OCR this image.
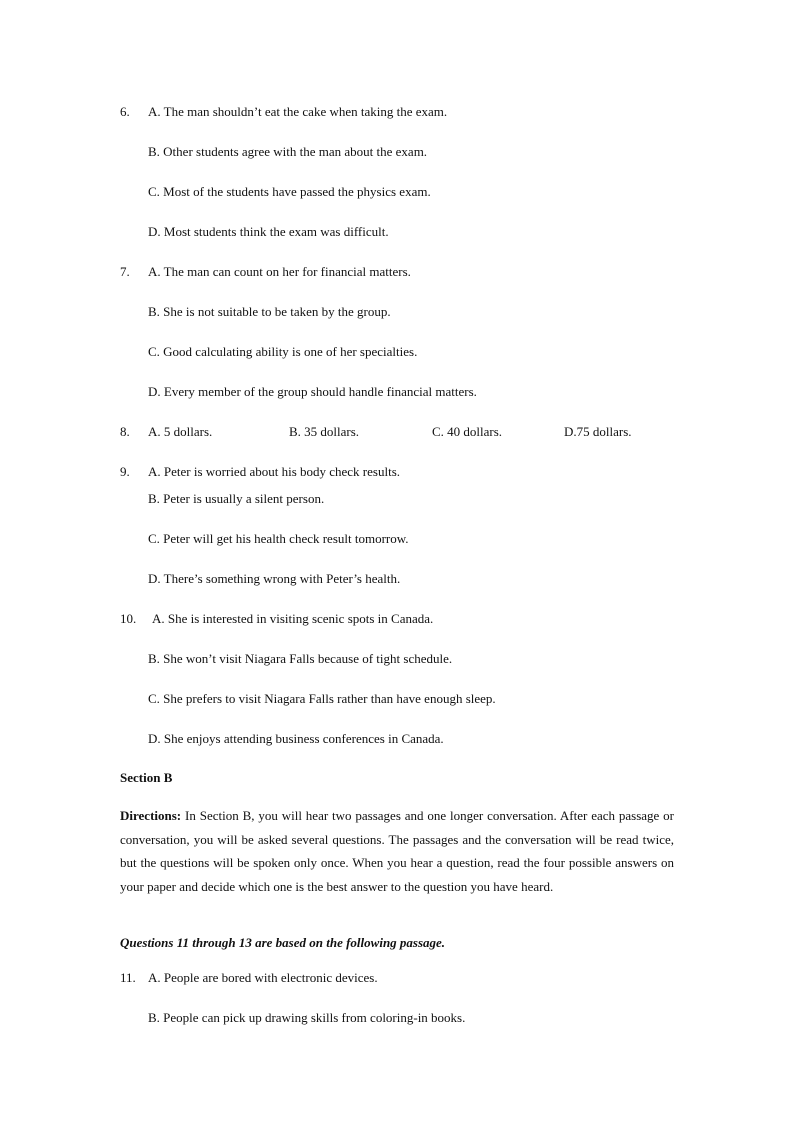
6. A. The man shouldn’t eat the cake when taking the exam.
B. Other students agree with the man about the exam.
C. Most of the students have passed the physics exam.
D. Most students think the exam was difficult.
7. A. The man can count on her for financial matters.
B. She is not suitable to be taken by the group.
C. Good calculating ability is one of her specialties.
D. Every member of the group should handle financial matters.
8. A. 5 dollars.	B. 35 dollars.	C. 40 dollars.	D.75 dollars.
9. A. Peter is worried about his body check results.
B. Peter is usually a silent person.
C. Peter will get his health check result tomorrow.
D. There’s something wrong with Peter’s health.
10. A. She is interested in visiting scenic spots in Canada.
B. She won’t visit Niagara Falls because of tight schedule.
C. She prefers to visit Niagara Falls rather than have enough sleep.
D. She enjoys attending business conferences in Canada.
Section B
Directions: In Section B, you will hear two passages and one longer conversation. After each passage or conversation, you will be asked several questions. The passages and the conversation will be read twice, but the questions will be spoken only once. When you hear a question, read the four possible answers on your paper and decide which one is the best answer to the question you have heard.
Questions 11 through 13 are based on the following passage.
11. A. People are bored with electronic devices.
B. People can pick up drawing skills from coloring-in books.
